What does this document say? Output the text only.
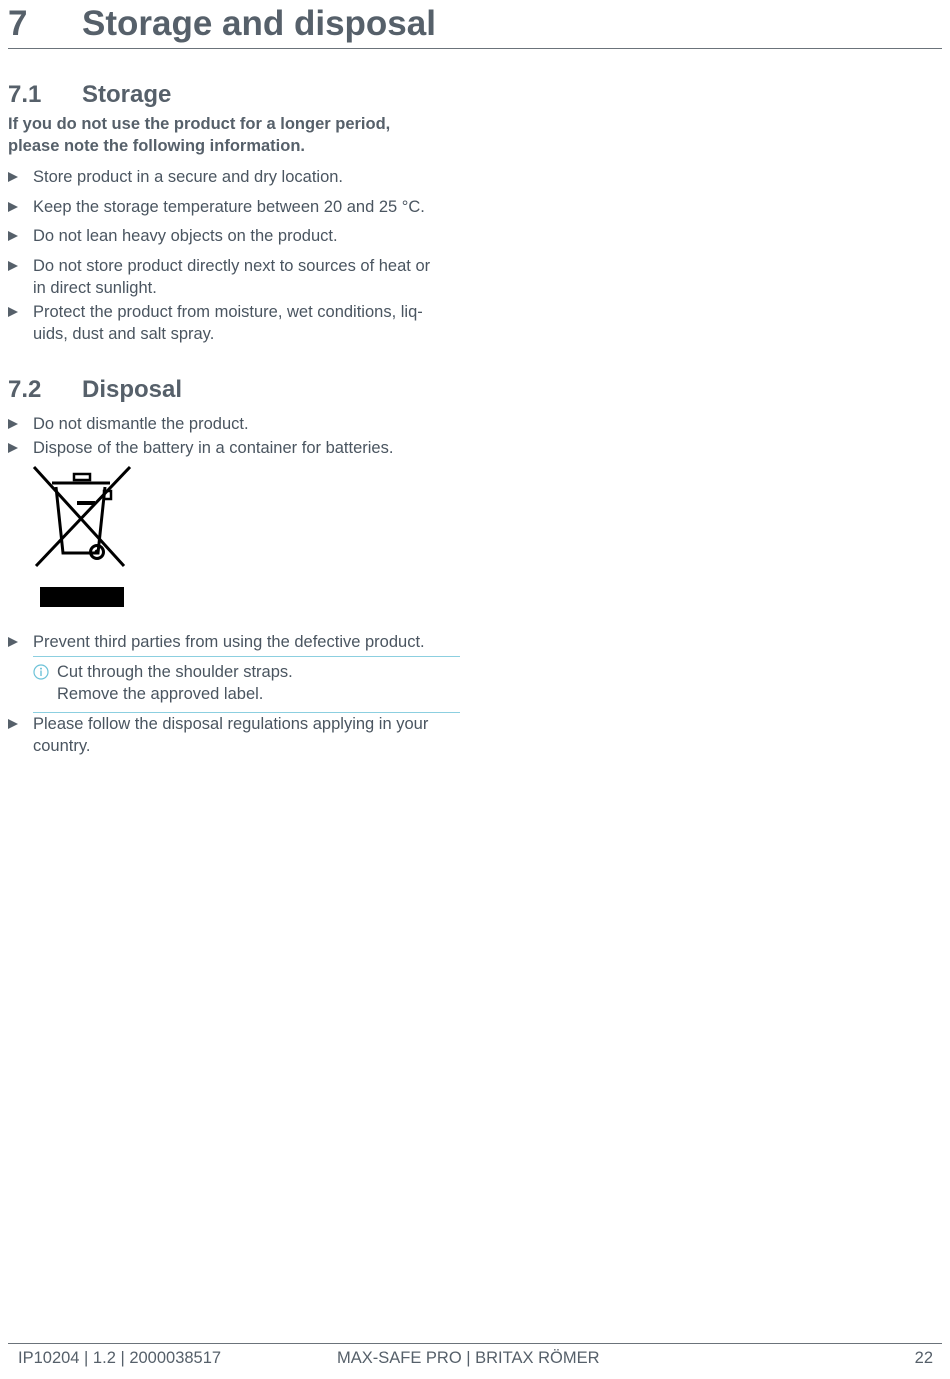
7 Storage and disposal
7.1 Storage
If you do not use the product for a longer period,
please note the following information.
Store product in a secure and dry location.
Keep the storage temperature between 20 and 25 °C.
Do not lean heavy objects on the product.
Do not store product directly next to sources of heat or
in direct sunlight.
Protect the product from moisture, wet conditions, liq-
uids, dust and salt spray.
7.2 Disposal
Do not dismantle the product.
Dispose of the battery in a container for batteries.
Prevent third parties from using the defective product.
Cut through the shoulder straps.
Remove the approved label.
Please follow the disposal regulations applying in your
country.
IP10204 | 1.2 | 2000038517	MAX-SAFE PRO | BRITAX RÖMER	22
